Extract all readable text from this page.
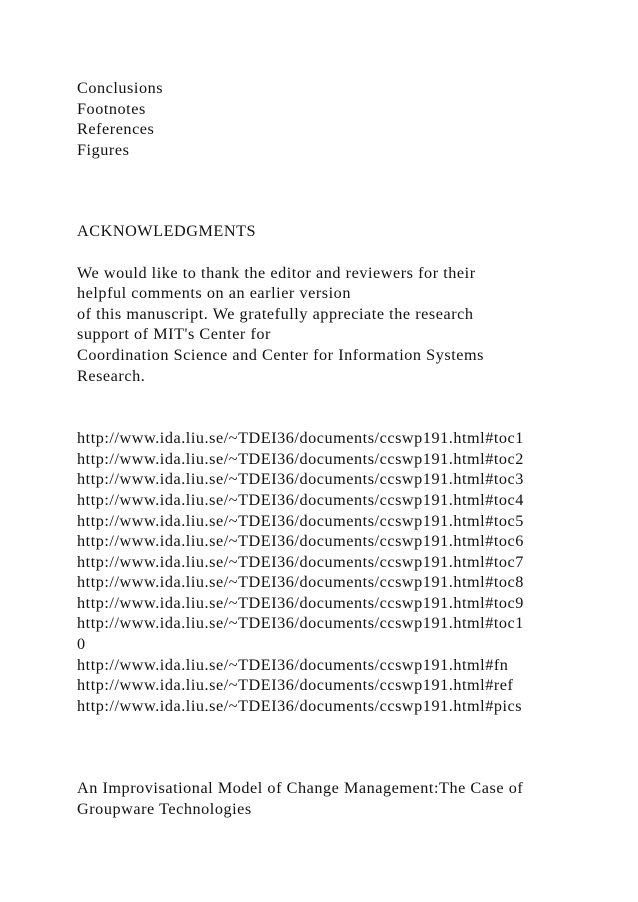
Conclusions
Footnotes
References
Figures
ACKNOWLEDGMENTS
We would like to thank the editor and reviewers for their
helpful comments on an earlier version
of this manuscript. We gratefully appreciate the research
support of MIT's Center for
Coordination Science and Center for Information Systems
Research.
http://www.ida.liu.se/~TDEI36/documents/ccswp191.html#toc1
http://www.ida.liu.se/~TDEI36/documents/ccswp191.html#toc2
http://www.ida.liu.se/~TDEI36/documents/ccswp191.html#toc3
http://www.ida.liu.se/~TDEI36/documents/ccswp191.html#toc4
http://www.ida.liu.se/~TDEI36/documents/ccswp191.html#toc5
http://www.ida.liu.se/~TDEI36/documents/ccswp191.html#toc6
http://www.ida.liu.se/~TDEI36/documents/ccswp191.html#toc7
http://www.ida.liu.se/~TDEI36/documents/ccswp191.html#toc8
http://www.ida.liu.se/~TDEI36/documents/ccswp191.html#toc9
http://www.ida.liu.se/~TDEI36/documents/ccswp191.html#toc1
0
http://www.ida.liu.se/~TDEI36/documents/ccswp191.html#fn
http://www.ida.liu.se/~TDEI36/documents/ccswp191.html#ref
http://www.ida.liu.se/~TDEI36/documents/ccswp191.html#pics
An Improvisational Model of Change Management:The Case of
Groupware Technologies
